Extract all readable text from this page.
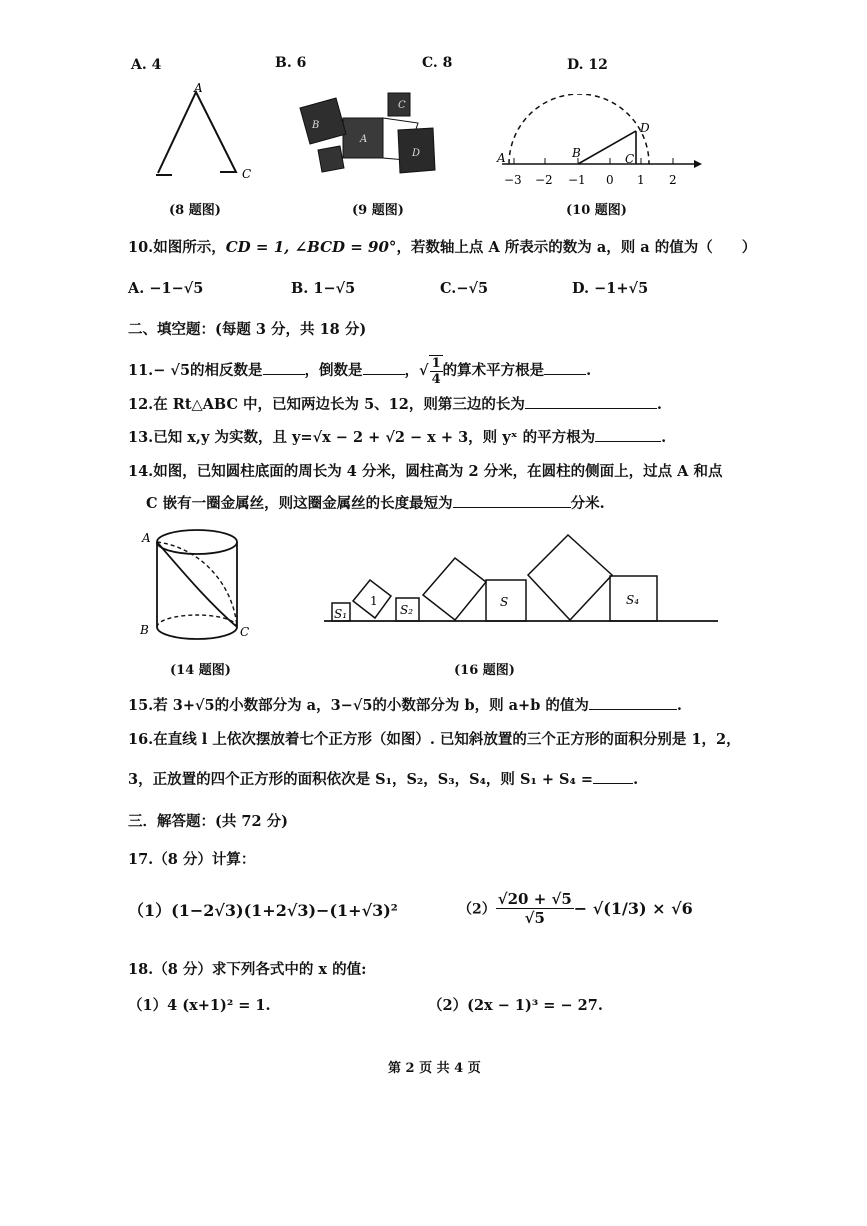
A. 4	B. 6	C. 8	D. 12
A
C
(8 题图)
C
B
A
D
(9 题图)
A	B	C
D
−3 −2 −1 0 1 2
(10 题图)
10.如图所示，CD = 1, ∠BCD = 90°，若数轴上点 A 所表示的数为 a，则 a 的值为（　　）
A. −1−√5	B. 1−√5	C.−√5	D. −1+√5
二、填空题：(每题 3 分，共 18 分)
11.− √5的相反数是	，倒数是	，√ $\frac{1}{4}$ 的算术平方根是	.
12.在 Rt△ABC 中，已知两边长为 5、12，则第三边的长为	.
13.已知 x,y 为实数，且 y=√x − 2 + √2 − x + 3，则 yˣ 的平方根为	.
14.如图，已知圆柱底面的周长为 4 分米，圆柱高为 2 分米，在圆柱的侧面上，过点 A 和点
C 嵌有一圈金属丝，则这圈金属丝的长度最短为	分米.
A
B	C
(14 题图)
S₁
1
S₂
S	S₄
(16 题图)
15.若 3+√5的小数部分为 a，3−√5的小数部分为 b，则 a+b 的值为	.
16.在直线 l 上依次摆放着七个正方形（如图）. 已知斜放置的三个正方形的面积分别是 1，2，
3，正放置的四个正方形的面积依次是 S₁，S₂，S₃，S₄，则 S₁ + S₄ =	.
三．解答题：(共 72 分)
17.（8 分）计算：
（1）(1−2√3)(1+2√3)−(1+√3)²	$(2) \frac{√20 + √5}{√5} - √(1/3) \times √6$
18.（8 分）求下列各式中的 x 的值:
（1）4 (x+1)² = 1.	（2）(2x − 1)³ = − 27.
第 2 页 共 4 页
